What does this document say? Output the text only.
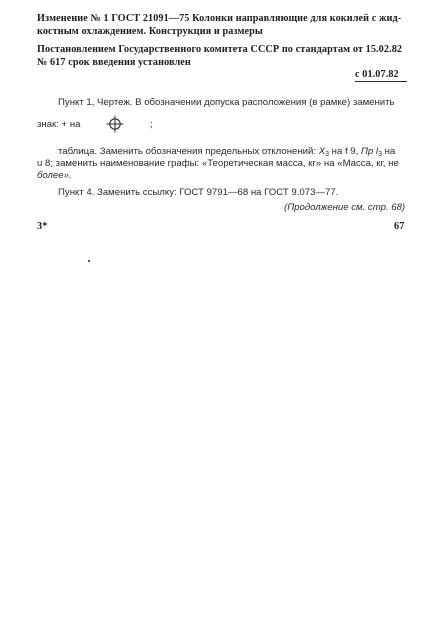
Изменение № 1 ГОСТ 21091—75 Колонки направляющие для кокилей с жид-

костным охлаждением. Конструкция и размеры

Постановлением Государственного комитета СССР по стандартам от 15.02.82

№ 617 срок введения установлен

с 01.07.82

Пункт 1, Чертеж. В обозначении допуска расположения (в рамке) заменить

знак: + на	;

таблица. Заменить обозначения предельных отклонений: $X_3$ на f 9, Пр $l_3$ на

u 8; заменить наименование графы: «Теоретическая масса, кг» на «Масса, кг, не

более».

Пункт 4. Заменить ссылку: ГОСТ 9791—68 на ГОСТ 9.073—77.

(Продолжение см. стр. 68)

3*	67
